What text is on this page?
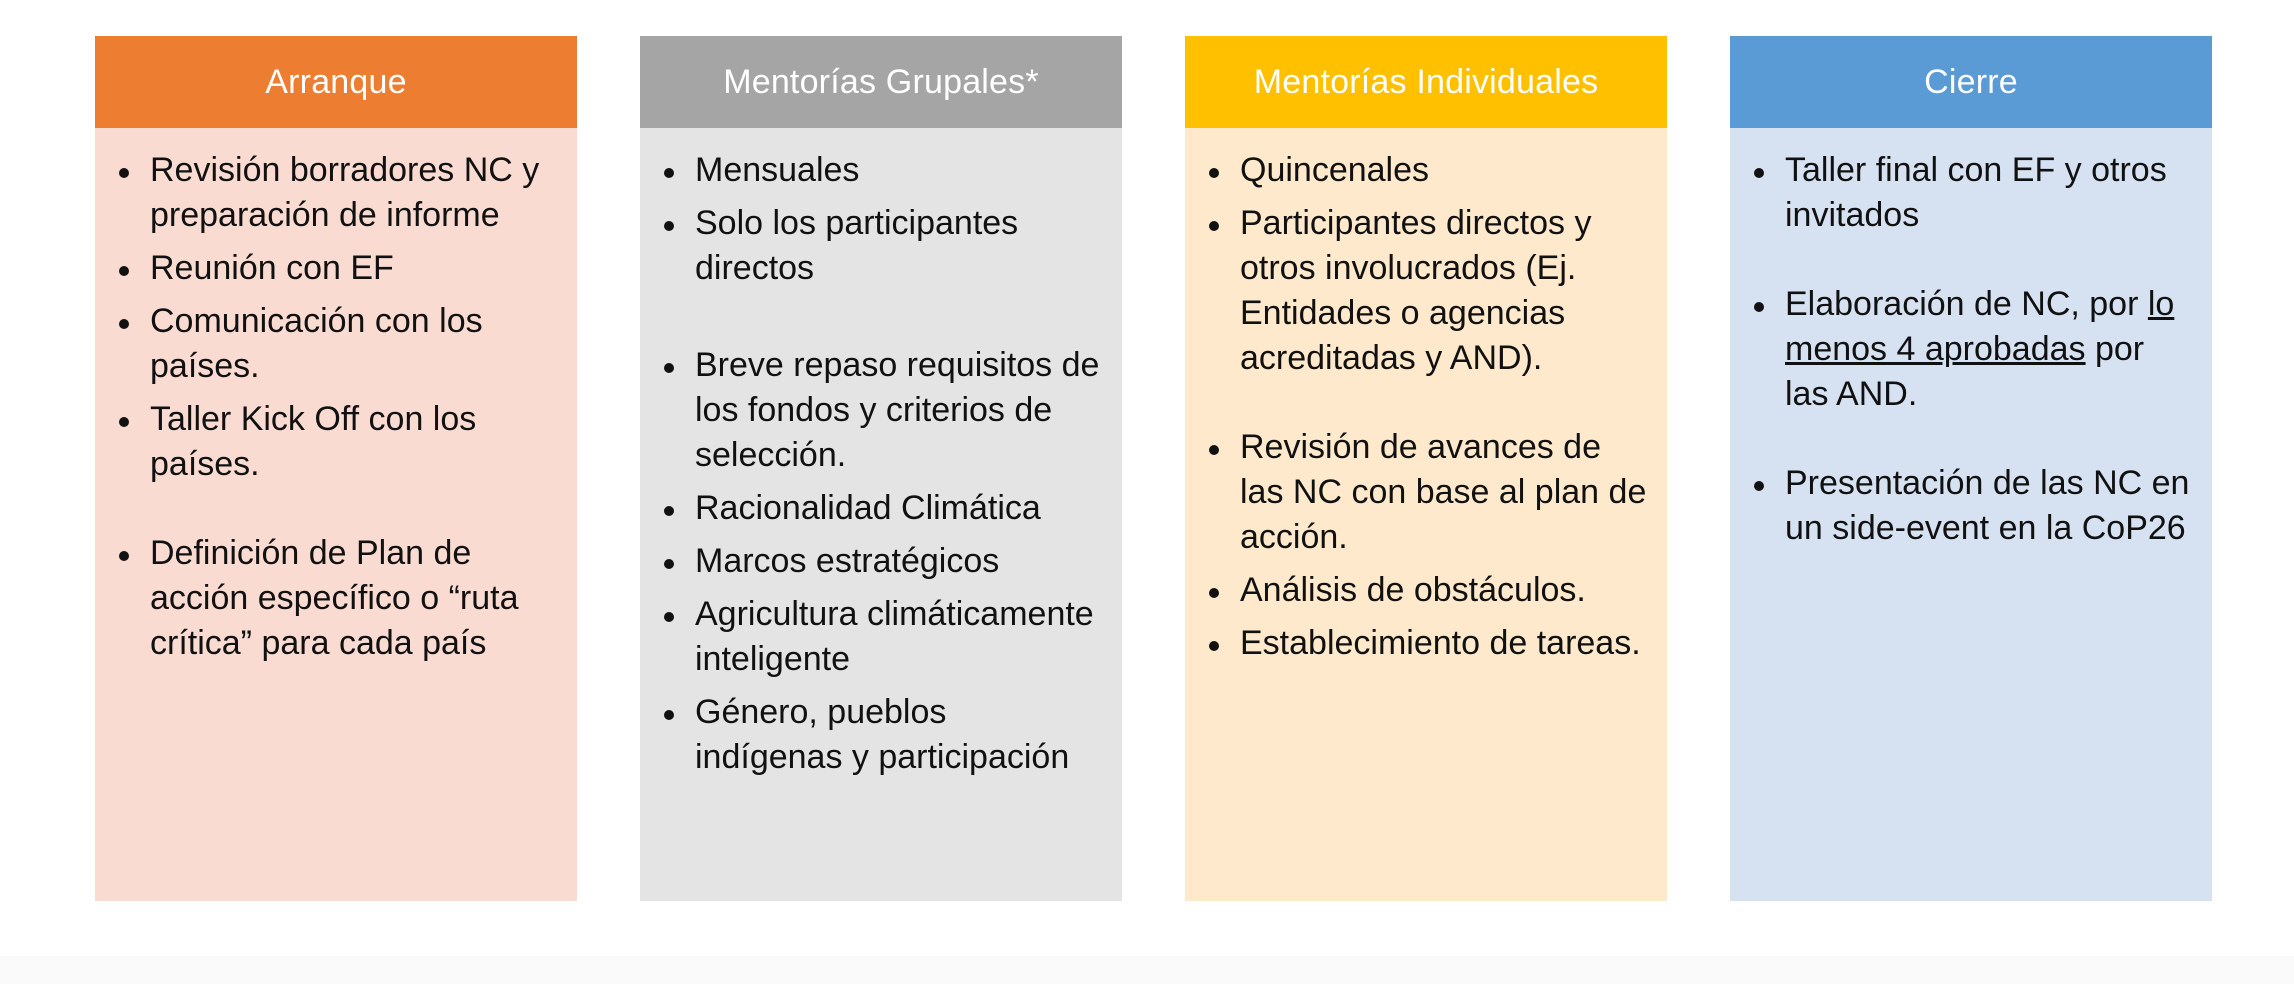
Arranque
Revisión borradores NC y preparación de informe
Reunión con EF
Comunicación con los países.
Taller Kick Off con los países.
Definición de Plan de acción específico o “ruta crítica” para cada país
Mentorías Grupales*
Mensuales
Solo los participantes directos
Breve repaso requisitos de los fondos y criterios de selección.
Racionalidad Climática
Marcos estratégicos
Agricultura climáticamente inteligente
Género, pueblos indígenas y participación
Mentorías Individuales
Quincenales
Participantes directos y otros involucrados (Ej. Entidades o agencias acreditadas y AND).
Revisión de avances de las NC con base al plan de acción.
Análisis de obstáculos.
Establecimiento de tareas.
Cierre
Taller final con EF y otros invitados
Elaboración de NC, por lo menos 4 aprobadas por las AND.
Presentación de las NC en un side-event en la CoP26
